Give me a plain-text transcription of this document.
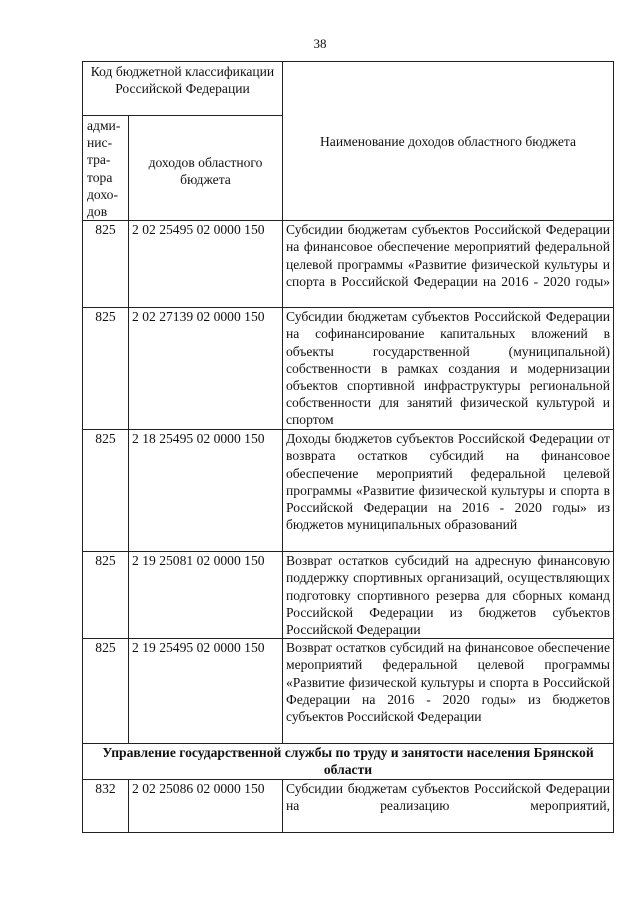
38
Код бюджетной классификации Российской Федерации		Наименование доходов областного бюджета
адми-нис-тра-тора дохо-дов	доходов областного бюджета	
825	2 02 25495 02 0000 150	Субсидии бюджетам субъектов Российской Федерации на финансовое обеспечение мероприятий федеральной целевой программы «Развитие физической культуры и спорта в Российской Федерации на 2016 - 2020 годы»
825	2 02 27139 02 0000 150	Субсидии бюджетам субъектов Российской Федерации на софинансирование капитальных вложений в объекты государственной (муниципальной) собственности в рамках создания и модернизации объектов спортивной инфраструктуры региональной собственности для занятий физической культурой и спортом
825	2 18 25495 02 0000 150	Доходы бюджетов субъектов Российской Федерации от возврата остатков субсидий на финансовое обеспечение мероприятий федеральной целевой программы «Развитие физической культуры и спорта в Российской Федерации на 2016 - 2020 годы» из бюджетов муниципальных образований
825	2 19 25081 02 0000 150	Возврат остатков субсидий на адресную финансовую поддержку спортивных организаций, осуществляющих подготовку спортивного резерва для сборных команд Российской Федерации из бюджетов субъектов Российской Федерации
825	2 19 25495 02 0000 150	Возврат остатков субсидий на финансовое обеспечение мероприятий федеральной целевой программы «Развитие физической культуры и спорта в Российской Федерации на 2016 - 2020 годы» из бюджетов субъектов Российской Федерации
Управление государственной службы по труду и занятости населения Брянской области		
832	2 02 25086 02 0000 150	Субсидии бюджетам субъектов Российской Федерации на реализацию мероприятий,
